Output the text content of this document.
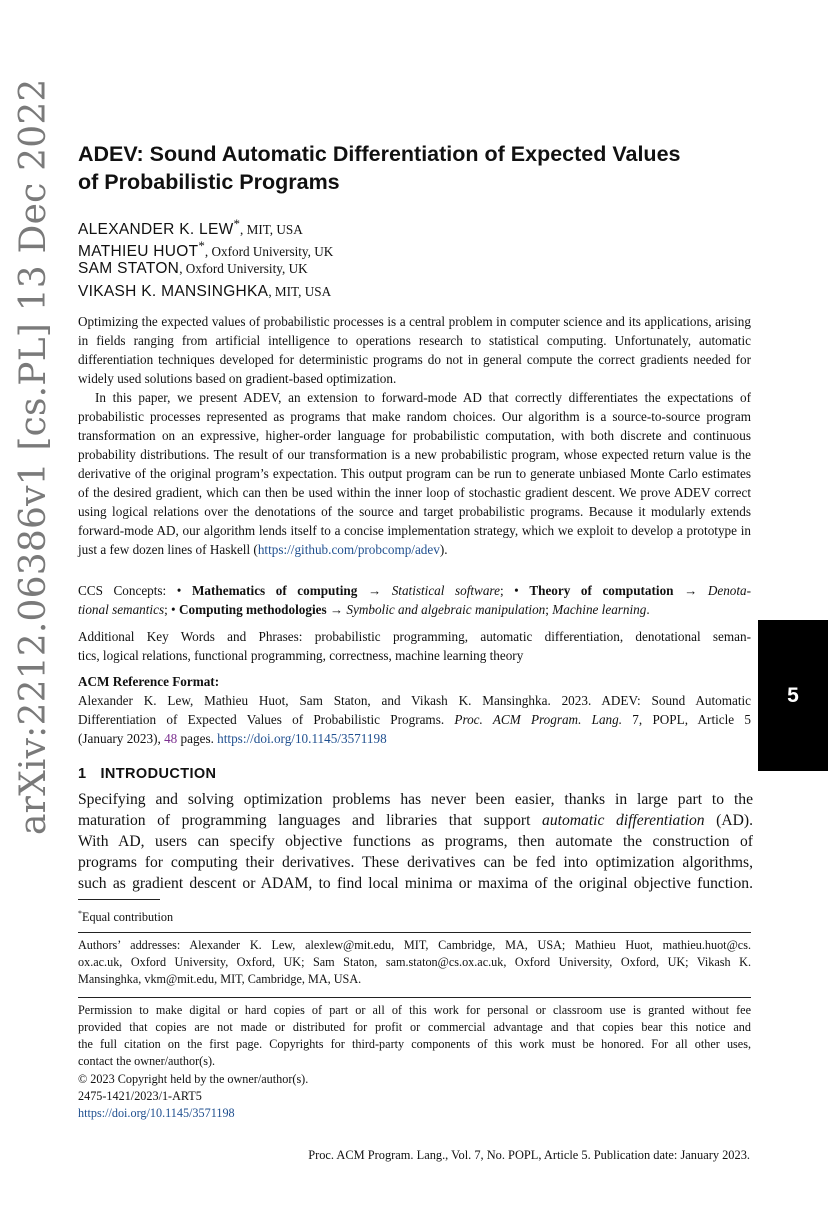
arXiv:2212.06386v1 [cs.PL] 13 Dec 2022	ADEV: Sound Automatic Differentiation of Expected Values
of Probabilistic Programs
ALEXANDER K. LEW*, MIT, USA
MATHIEU HUOT*, Oxford University, UK
SAM STATON, Oxford University, UK
VIKASH K. MANSINGHKA, MIT, USA
Optimizing the expected values of probabilistic processes is a central problem in computer science and its applications, arising in fields ranging from artificial intelligence to operations research to statistical computing. Unfortunately, automatic differentiation techniques developed for deterministic programs do not in general compute the correct gradients needed for widely used solutions based on gradient-based optimization.
In this paper, we present ADEV, an extension to forward-mode AD that correctly differentiates the expectations of probabilistic processes represented as programs that make random choices. Our algorithm is a source-to-source program transformation on an expressive, higher-order language for probabilistic computation, with both discrete and continuous probability distributions. The result of our transformation is a new probabilistic program, whose expected return value is the derivative of the original program’s expectation. This output program can be run to generate unbiased Monte Carlo estimates of the desired gradient, which can then be used within the inner loop of stochastic gradient descent. We prove ADEV correct using logical relations over the denotations of the source and target probabilistic programs. Because it modularly extends forward-mode AD, our algorithm lends itself to a concise implementation strategy, which we exploit to develop a prototype in just a few dozen lines of Haskell (https://github.com/probcomp/adev).
CCS Concepts: • Mathematics of computing → Statistical software; • Theory of computation → Denota-
tional semantics; • Computing methodologies → Symbolic and algebraic manipulation; Machine learning.
Additional Key Words and Phrases: probabilistic programming, automatic differentiation, denotational seman-
tics, logical relations, functional programming, correctness, machine learning theory
ACM Reference Format:
Alexander K. Lew, Mathieu Huot, Sam Staton, and Vikash K. Mansinghka. 2023. ADEV: Sound Automatic
Differentiation of Expected Values of Probabilistic Programs. Proc. ACM Program. Lang. 7, POPL, Article 5
(January 2023), 48 pages. https://doi.org/10.1145/3571198
1 INTRODUCTION
Specifying and solving optimization problems has never been easier, thanks in large part to the
maturation of programming languages and libraries that support automatic differentiation (AD).
With AD, users can specify objective functions as programs, then automate the construction of
programs for computing their derivatives. These derivatives can be fed into optimization algorithms,
such as gradient descent or ADAM, to find local minima or maxima of the original objective function.
*Equal contribution
Authors’ addresses: Alexander K. Lew, alexlew@mit.edu, MIT, Cambridge, MA, USA; Mathieu Huot, mathieu.huot@cs.
ox.ac.uk, Oxford University, Oxford, UK; Sam Staton, sam.staton@cs.ox.ac.uk, Oxford University, Oxford, UK; Vikash K.
Mansinghka, vkm@mit.edu, MIT, Cambridge, MA, USA.
Permission to make digital or hard copies of part or all of this work for personal or classroom use is granted without fee
provided that copies are not made or distributed for profit or commercial advantage and that copies bear this notice and
the full citation on the first page. Copyrights for third-party components of this work must be honored. For all other uses,
contact the owner/author(s).
© 2023 Copyright held by the owner/author(s).
2475-1421/2023/1-ART5
https://doi.org/10.1145/3571198
Proc. ACM Program. Lang., Vol. 7, No. POPL, Article 5. Publication date: January 2023.
5
